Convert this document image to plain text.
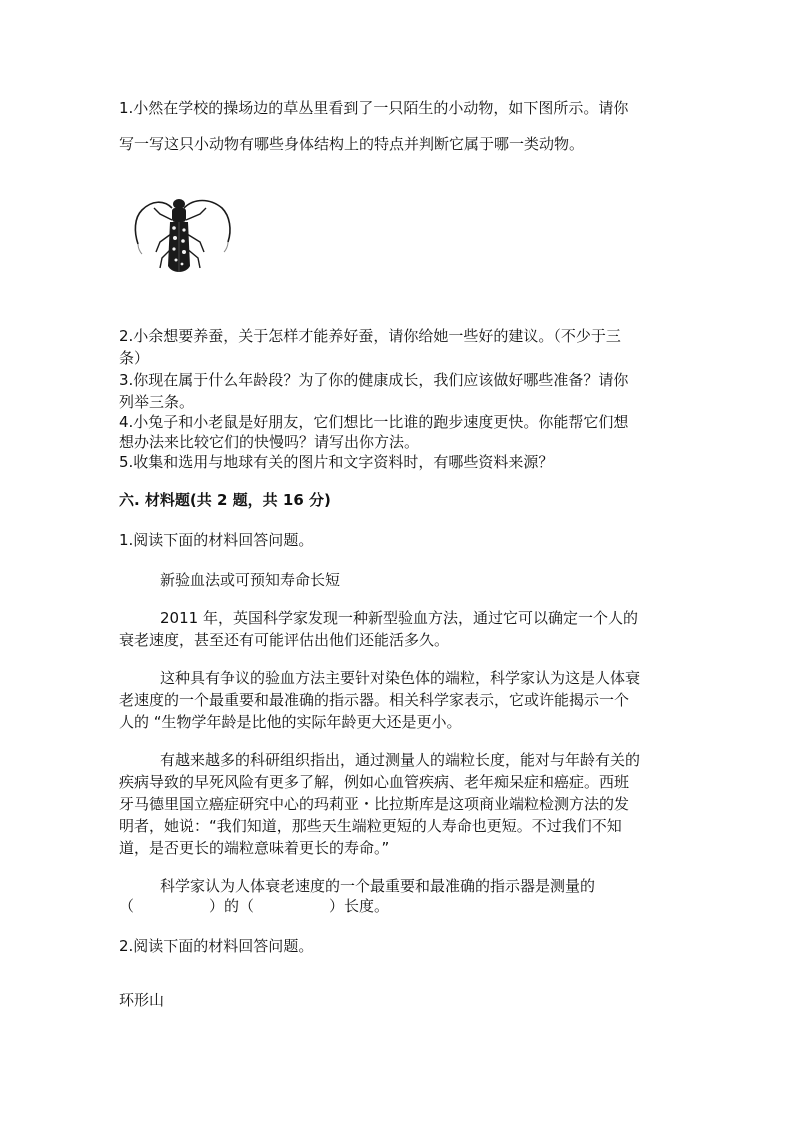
1.小然在学校的操场边的草丛里看到了一只陌生的小动物，如下图所示。请你
写一写这只小动物有哪些身体结构上的特点并判断它属于哪一类动物。
2.小余想要养蚕，关于怎样才能养好蚕，请你给她一些好的建议。（不少于三
条）
3.你现在属于什么年龄段？为了你的健康成长，我们应该做好哪些准备？请你
列举三条。
4.小兔子和小老鼠是好朋友，它们想比一比谁的跑步速度更快。你能帮它们想
想办法来比较它们的快慢吗？请写出你方法。
5.收集和选用与地球有关的图片和文字资料时，有哪些资料来源？
六. 材料题(共 2 题，共 16 分)
1.阅读下面的材料回答问题。
新验血法或可预知寿命长短
2011 年，英国科学家发现一种新型验血方法，通过它可以确定一个人的
衰老速度，甚至还有可能评估出他们还能活多久。
这种具有争议的验血方法主要针对染色体的端粒，科学家认为这是人体衰
老速度的一个最重要和最准确的指示器。相关科学家表示，它或许能揭示一个
人的 “生物学年龄是比他的实际年龄更大还是更小。
有越来越多的科研组织指出，通过测量人的端粒长度，能对与年龄有关的
疾病导致的早死风险有更多了解，例如心血管疾病、老年痴呆症和癌症。西班
牙马德里国立癌症研究中心的玛莉亚・比拉斯库是这项商业端粒检测方法的发
明者，她说：“我们知道，那些天生端粒更短的人寿命也更短。不过我们不知
道，是否更长的端粒意味着更长的寿命。”
科学家认为人体衰老速度的一个最重要和最准确的指示器是测量的
（　　　　　）的（　　　　　）长度。
2.阅读下面的材料回答问题。
环形山
